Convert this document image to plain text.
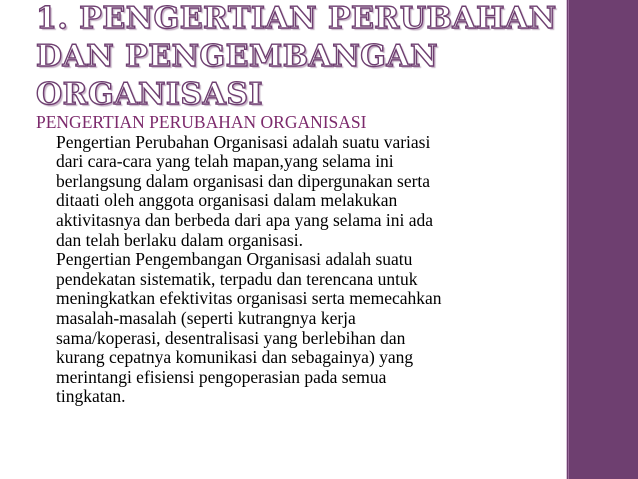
1. PENGERTIAN PERUBAHAN
DAN PENGEMBANGAN
ORGANISASI

PENGERTIAN PERUBAHAN ORGANISASI

Pengertian Perubahan Organisasi adalah suatu variasi
dari cara-cara yang telah mapan,yang selama ini
berlangsung dalam organisasi dan dipergunakan serta
ditaati oleh anggota organisasi dalam melakukan
aktivitasnya dan berbeda dari apa yang selama ini ada
dan telah berlaku dalam organisasi.

Pengertian Pengembangan Organisasi adalah suatu
pendekatan sistematik, terpadu dan terencana untuk
meningkatkan efektivitas organisasi serta memecahkan
masalah-masalah (seperti kutrangnya kerja
sama/koperasi, desentralisasi yang berlebihan dan
kurang cepatnya komunikasi dan sebagainya) yang
merintangi efisiensi pengoperasian pada semua
tingkatan.
